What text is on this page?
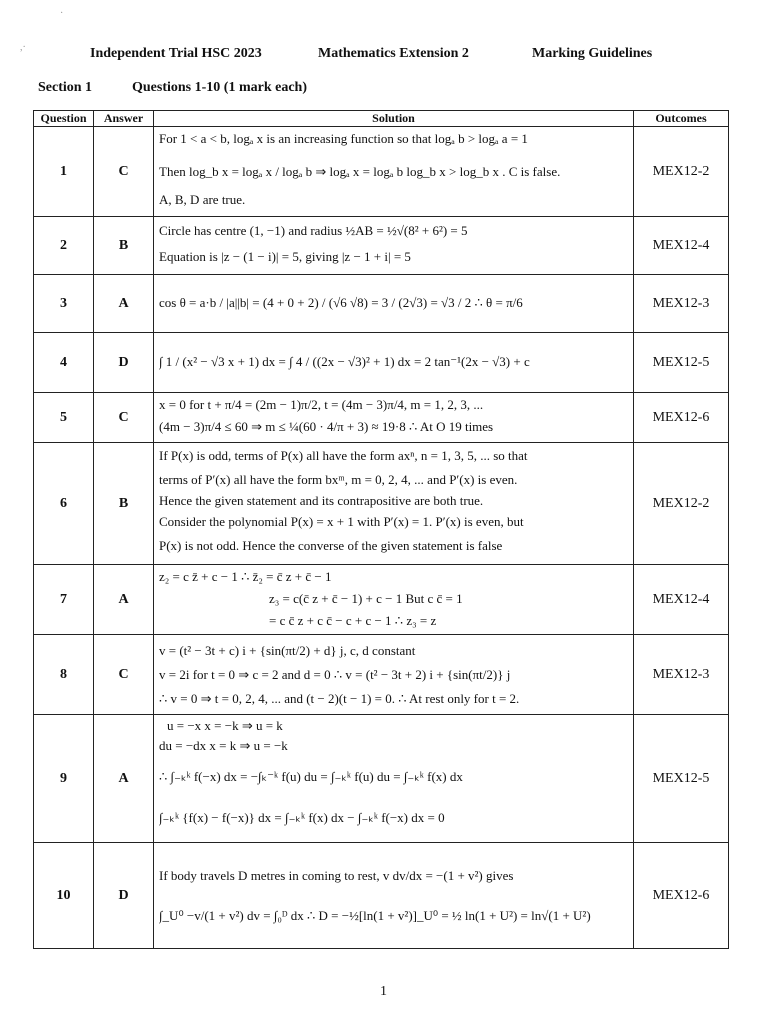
·
,·	Independent Trial HSC 2023	Mathematics Extension 2	Marking Guidelines
Section 1	Questions 1-10 (1 mark each)
Question	Answer	Solution	Outcomes
1	C	For 1 < a < b, logₐ x is an increasing function so that logₐ b > logₐ a = 1
Then log_b x = logₐ x / logₐ b ⇒ logₐ x = logₐ b log_b x > log_b x . C is false.
A, B, D are true.	MEX12-2
2	B	Circle has centre (1, −1) and radius ½AB = ½√(8² + 6²) = 5
Equation is |z − (1 − i)| = 5, giving |z − 1 + i| = 5	MEX12-4
3	A	cos θ = a·b / |a||b| = (4 + 0 + 2) / (√6 √8) = 3 / (2√3) = √3 / 2 ∴ θ = π/6	MEX12-3
4	D	∫ 1 / (x² − √3 x + 1) dx = ∫ 4 / ((2x − √3)² + 1) dx = 2 tan⁻¹(2x − √3) + c	MEX12-5
5	C	x = 0 for t + π/4 = (2m − 1)π/2, t = (4m − 3)π/4, m = 1, 2, 3, ...
(4m − 3)π/4 ≤ 60 ⇒ m ≤ ¼(60 · 4/π + 3) ≈ 19·8 ∴ At O 19 times	MEX12-6
6	B	If P(x) is odd, terms of P(x) all have the form axⁿ, n = 1, 3, 5, ... so that
terms of P′(x) all have the form bxᵐ, m = 0, 2, 4, ... and P′(x) is even.
Hence the given statement and its contrapositive are both true.
Consider the polynomial P(x) = x + 1 with P′(x) = 1. P′(x) is even, but
P(x) is not odd. Hence the converse of the given statement is false	MEX12-2
7	A	z₂ = c z̄ + c − 1 ∴ z̄₂ = c̄ z + c̄ − 1
z₃ = c(c̄ z + c̄ − 1) + c − 1 But c c̄ = 1
= c c̄ z + c c̄ − c + c − 1 ∴ z₃ = z	MEX12-4
8	C	v = (t² − 3t + c) i + {sin(πt/2) + d} j, c, d constant
v = 2i for t = 0 ⇒ c = 2 and d = 0 ∴ v = (t² − 3t + 2) i + {sin(πt/2)} j
∴ v = 0 ⇒ t = 0, 2, 4, ... and (t − 2)(t − 1) = 0. ∴ At rest only for t = 2.	MEX12-3
9	A	u = −x x = −k ⇒ u = k
du = −dx x = k ⇒ u = −k
∴ ∫₋ₖᵏ f(−x) dx = −∫ₖ⁻ᵏ f(u) du = ∫₋ₖᵏ f(u) du = ∫₋ₖᵏ f(x) dx
∫₋ₖᵏ {f(x) − f(−x)} dx = ∫₋ₖᵏ f(x) dx − ∫₋ₖᵏ f(−x) dx = 0	MEX12-5
10	D	If body travels D metres in coming to rest, v dv/dx = −(1 + v²) gives
∫_U⁰ −v/(1 + v²) dv = ∫₀ᴰ dx ∴ D = −½[ln(1 + v²)]_U⁰ = ½ ln(1 + U²) = ln√(1 + U²)	MEX12-6
1
